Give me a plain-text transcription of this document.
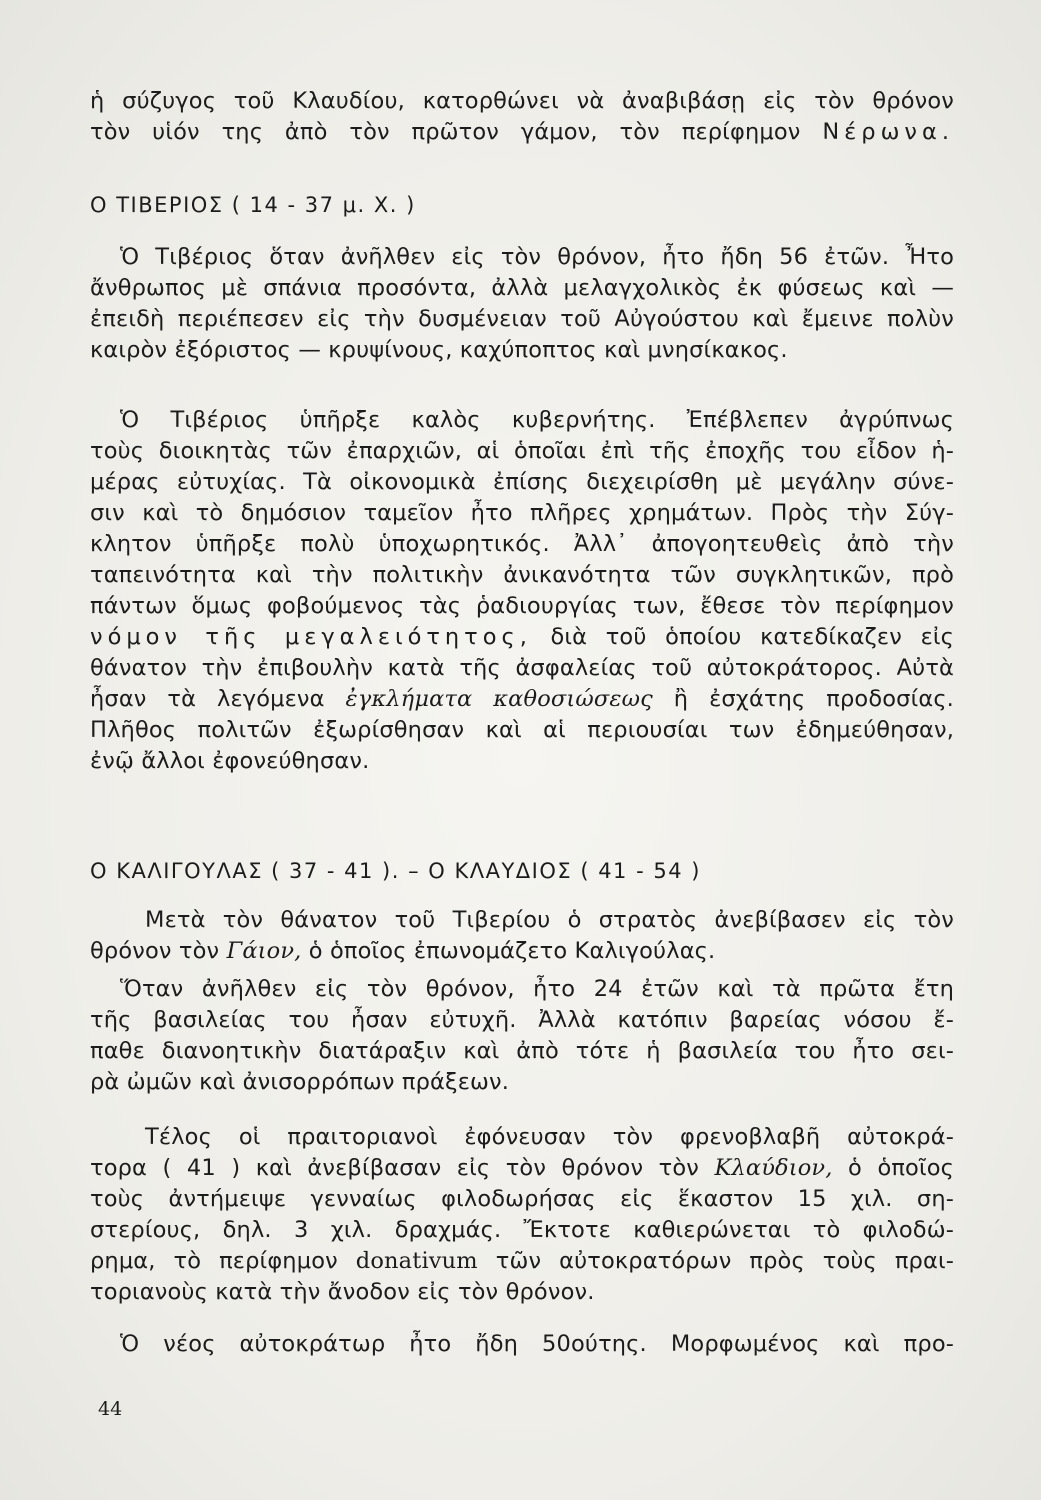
ἡ σύζυγος τοῦ Κλαυδίου, κατορθώνει νὰ ἀναβιβάσῃ εἰς τὸν θρόνον
τὸν υἱόν της ἀπὸ τὸν πρῶτον γάμον, τὸν περίφημον Νέρωνα.
Ο ΤΙΒΕΡΙΟΣ ( 14 - 37 μ. Χ. )
Ὁ Τιβέριος ὅταν ἀνῆλθεν εἰς τὸν θρόνον, ἦτο ἤδη 56 ἐτῶν. Ἦτο
ἄνθρωπος μὲ σπάνια προσόντα, ἀλλὰ μελαγχολικὸς ἐκ φύσεως καὶ —
ἐπειδὴ περιέπεσεν εἰς τὴν δυσμένειαν τοῦ Αὐγούστου καὶ ἔμεινε πολὺν
καιρὸν ἐξόριστος — κρυψίνους, καχύποπτος καὶ μνησίκακος.
Ὁ Τιβέριος ὑπῆρξε καλὸς κυβερνήτης. Ἐπέβλεπεν ἀγρύπνως
τοὺς διοικητὰς τῶν ἐπαρχιῶν, αἱ ὁποῖαι ἐπὶ τῆς ἐποχῆς του εἶδον ἡ-
μέρας εὐτυχίας. Τὰ οἰκονομικὰ ἐπίσης διεχειρίσθη μὲ μεγάλην σύνε-
σιν καὶ τὸ δημόσιον ταμεῖον ἦτο πλῆρες χρημάτων. Πρὸς τὴν Σύγ-
κλητον ὑπῆρξε πολὺ ὑποχωρητικός. Ἀλλ᾽ ἀπογοητευθεὶς ἀπὸ τὴν
ταπεινότητα καὶ τὴν πολιτικὴν ἀνικανότητα τῶν συγκλητικῶν, πρὸ
πάντων ὅμως φοβούμενος τὰς ῥαδιουργίας των, ἔθεσε τὸν περίφημον
νόμον τῆς μεγαλειότητος, διὰ τοῦ ὁποίου κατεδίκαζεν εἰς
θάνατον τὴν ἐπιβουλὴν κατὰ τῆς ἀσφαλείας τοῦ αὐτοκράτορος. Αὐτὰ
ἦσαν τὰ λεγόμενα ἐγκλήματα καθοσιώσεως ἢ ἐσχάτης προδοσίας.
Πλῆθος πολιτῶν ἐξωρίσθησαν καὶ αἱ περιουσίαι των ἐδημεύθησαν,
ἐνῷ ἄλλοι ἐφονεύθησαν.
Ο ΚΑΛΙΓΟΥΛΑΣ ( 37 - 41 ). – Ο ΚΛΑΥΔΙΟΣ ( 41 - 54 )
Μετὰ τὸν θάνατον τοῦ Τιβερίου ὁ στρατὸς ἀνεβίβασεν εἰς τὸν
θρόνον τὸν Γάιον, ὁ ὁποῖος ἐπωνομάζετο Καλιγούλας.
Ὅταν ἀνῆλθεν εἰς τὸν θρόνον, ἦτο 24 ἐτῶν καὶ τὰ πρῶτα ἔτη
τῆς βασιλείας του ἦσαν εὐτυχῆ. Ἀλλὰ κατόπιν βαρείας νόσου ἔ-
παθε διανοητικὴν διατάραξιν καὶ ἀπὸ τότε ἡ βασιλεία του ἦτο σει-
ρὰ ὠμῶν καὶ ἀνισορρόπων πράξεων.
Τέλος οἱ πραιτοριανοὶ ἐφόνευσαν τὸν φρενοβλαβῆ αὐτοκρά-
τορα ( 41 ) καὶ ἀνεβίβασαν εἰς τὸν θρόνον τὸν Κλαύδιον, ὁ ὁποῖος
τοὺς ἀντήμειψε γενναίως φιλοδωρήσας εἰς ἕκαστον 15 χιλ. ση-
στερίους, δηλ. 3 χιλ. δραχμάς. Ἔκτοτε καθιερώνεται τὸ φιλοδώ-
ρημα, τὸ περίφημον donativum τῶν αὐτοκρατόρων πρὸς τοὺς πραι-
τοριανοὺς κατὰ τὴν ἄνοδον εἰς τὸν θρόνον.
Ὁ νέος αὐτοκράτωρ ἦτο ἤδη 50ούτης. Μορφωμένος καὶ προ-
44
